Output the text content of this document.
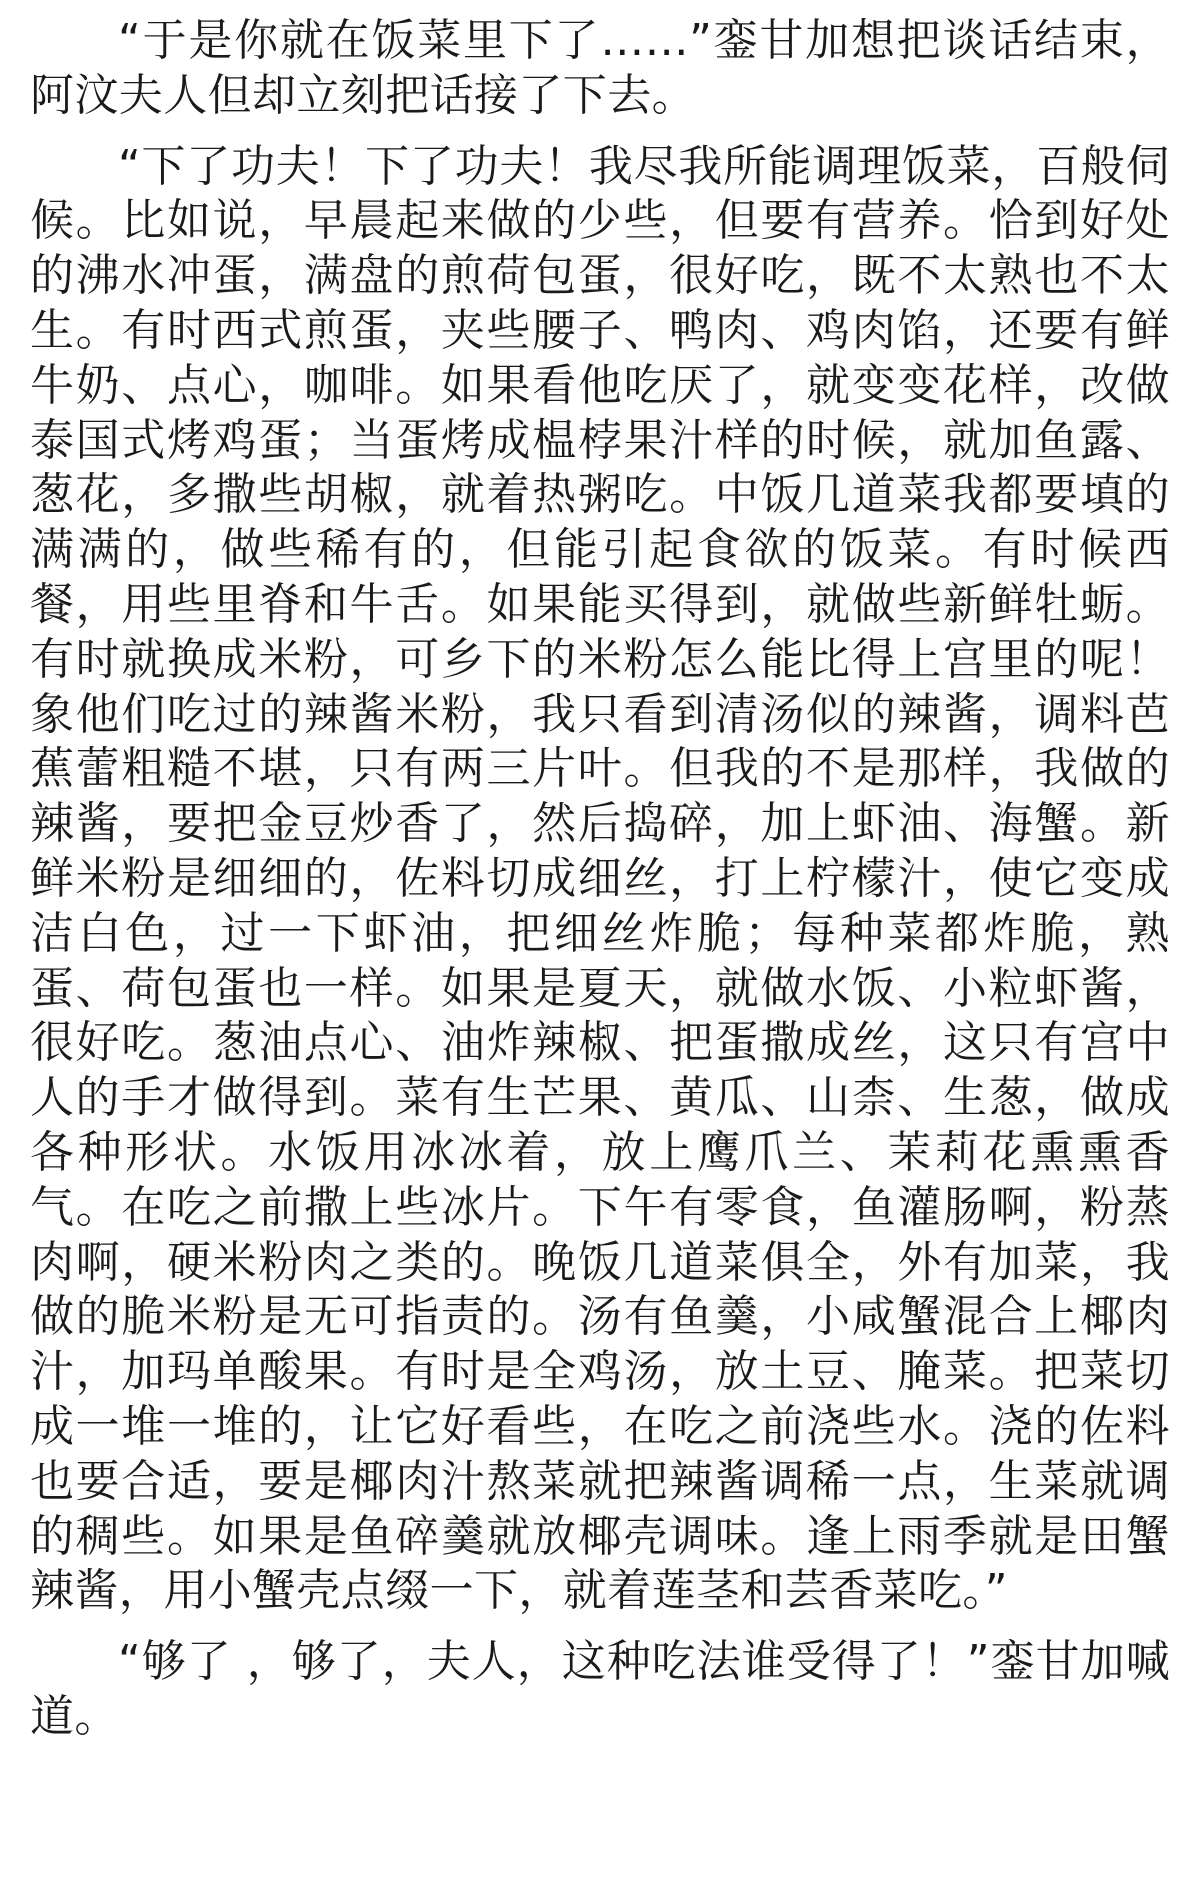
“于是你就在饭菜里下了……”銮甘加想把谈话结束，阿汶夫人但却立刻把话接了下去。

“下了功夫！下了功夫！我尽我所能调理饭菜，百般伺候。比如说，早晨起来做的少些，但要有营养。恰到好处的沸水冲蛋，满盘的煎荷包蛋，很好吃，既不太熟也不太生。有时西式煎蛋，夹些腰子、鸭肉、鸡肉馅，还要有鲜牛奶、点心，咖啡。如果看他吃厌了，就变变花样，改做泰国式烤鸡蛋；当蛋烤成榅桲果汁样的时候，就加鱼露、葱花，多撒些胡椒，就着热粥吃。中饭几道菜我都要填的满满的，做些稀有的，但能引起食欲的饭菜。有时候西餐，用些里脊和牛舌。如果能买得到，就做些新鲜牡蛎。有时就换成米粉，可乡下的米粉怎么能比得上宫里的呢！象他们吃过的辣酱米粉，我只看到清汤似的辣酱，调料芭蕉蕾粗糙不堪，只有两三片叶。但我的不是那样，我做的辣酱，要把金豆炒香了，然后捣碎，加上虾油、海蟹。新鲜米粉是细细的，佐料切成细丝，打上柠檬汁，使它变成洁白色，过一下虾油，把细丝炸脆；每种菜都炸脆，熟蛋、荷包蛋也一样。如果是夏天，就做水饭、小粒虾酱，很好吃。葱油点心、油炸辣椒、把蛋撒成丝，这只有宫中人的手才做得到。菜有生芒果、黄瓜、山柰、生葱，做成各种形状。水饭用冰冰着，放上鹰爪兰、茉莉花熏熏香气。在吃之前撒上些冰片。下午有零食，鱼灌肠啊，粉蒸肉啊，硬米粉肉之类的。晚饭几道菜俱全，外有加菜，我做的脆米粉是无可指责的。汤有鱼羹，小咸蟹混合上椰肉汁，加玛单酸果。有时是全鸡汤，放土豆、腌菜。把菜切成一堆一堆的，让它好看些，在吃之前浇些水。浇的佐料也要合适，要是椰肉汁熬菜就把辣酱调稀一点，生菜就调的稠些。如果是鱼碎羹就放椰壳调味。逢上雨季就是田蟹辣酱，用小蟹壳点缀一下，就着莲茎和芸香菜吃。”

“够了 ，够了，夫人，这种吃法谁受得了！”銮甘加喊道。
